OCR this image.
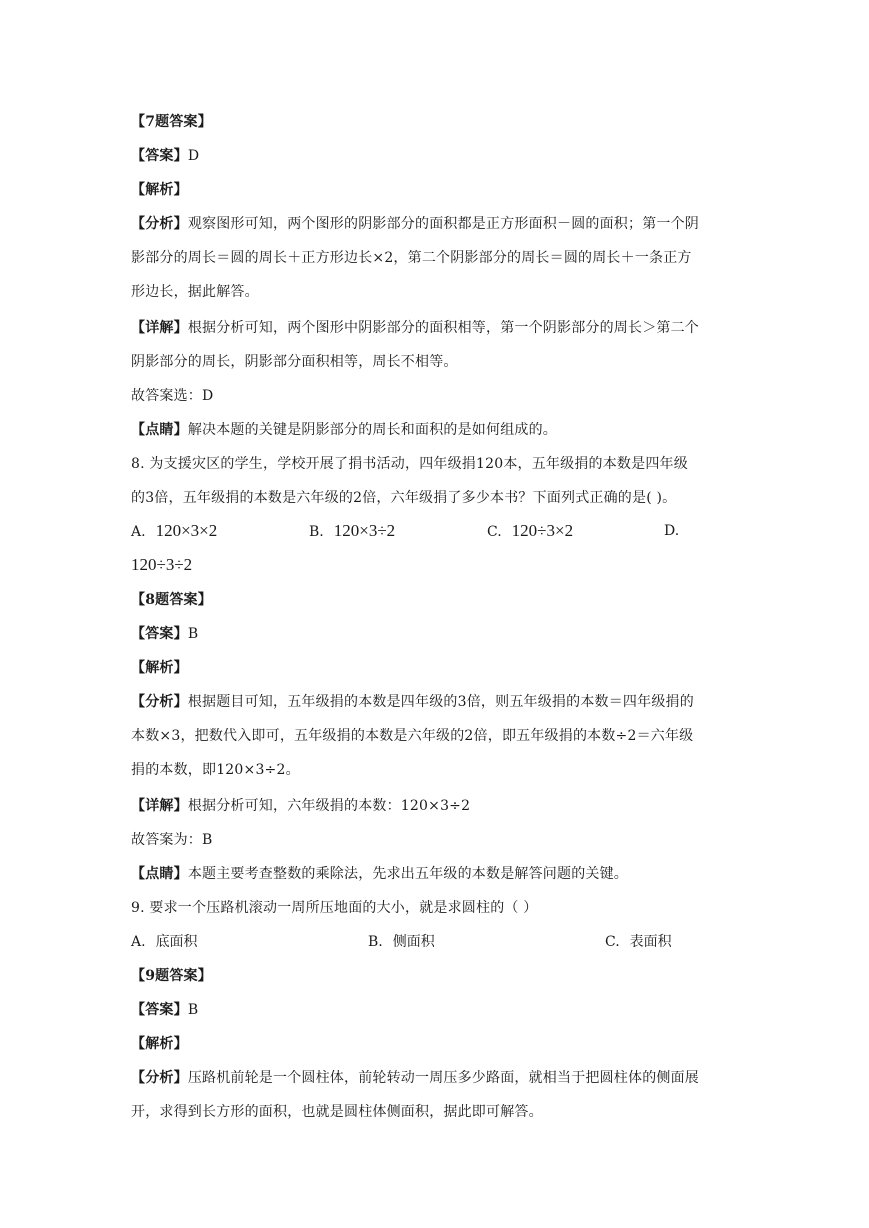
【7题答案】
【答案】D
【解析】
【分析】观察图形可知，两个图形的阴影部分的面积都是正方形面积－圆的面积；第一个阴
影部分的周长＝圆的周长＋正方形边长×2，第二个阴影部分的周长＝圆的周长＋一条正方
形边长，据此解答。
【详解】根据分析可知，两个图形中阴影部分的面积相等，第一个阴影部分的周长＞第二个
阴影部分的周长，阴影部分面积相等，周长不相等。
故答案选：D
【点睛】解决本题的关键是阴影部分的周长和面积的是如何组成的。
8. 为支援灾区的学生，学校开展了捐书活动，四年级捐120本，五年级捐的本数是四年级
的3倍，五年级捐的本数是六年级的2倍，六年级捐了多少本书？下面列式正确的是( )。
A. 120×3×2	B. 120×3÷2	C. 120÷3×2	D.
120÷3÷2
【8题答案】
【答案】B
【解析】
【分析】根据题目可知，五年级捐的本数是四年级的3倍，则五年级捐的本数＝四年级捐的
本数×3，把数代入即可，五年级捐的本数是六年级的2倍，即五年级捐的本数÷2＝六年级
捐的本数，即120×3÷2。
【详解】根据分析可知，六年级捐的本数：120×3÷2
故答案为：B
【点睛】本题主要考查整数的乘除法，先求出五年级的本数是解答问题的关键。
9. 要求一个压路机滚动一周所压地面的大小，就是求圆柱的（ ）
A. 底面积	B. 侧面积	C. 表面积
【9题答案】
【答案】B
【解析】
【分析】压路机前轮是一个圆柱体，前轮转动一周压多少路面，就相当于把圆柱体的侧面展
开，求得到长方形的面积，也就是圆柱体侧面积，据此即可解答。
